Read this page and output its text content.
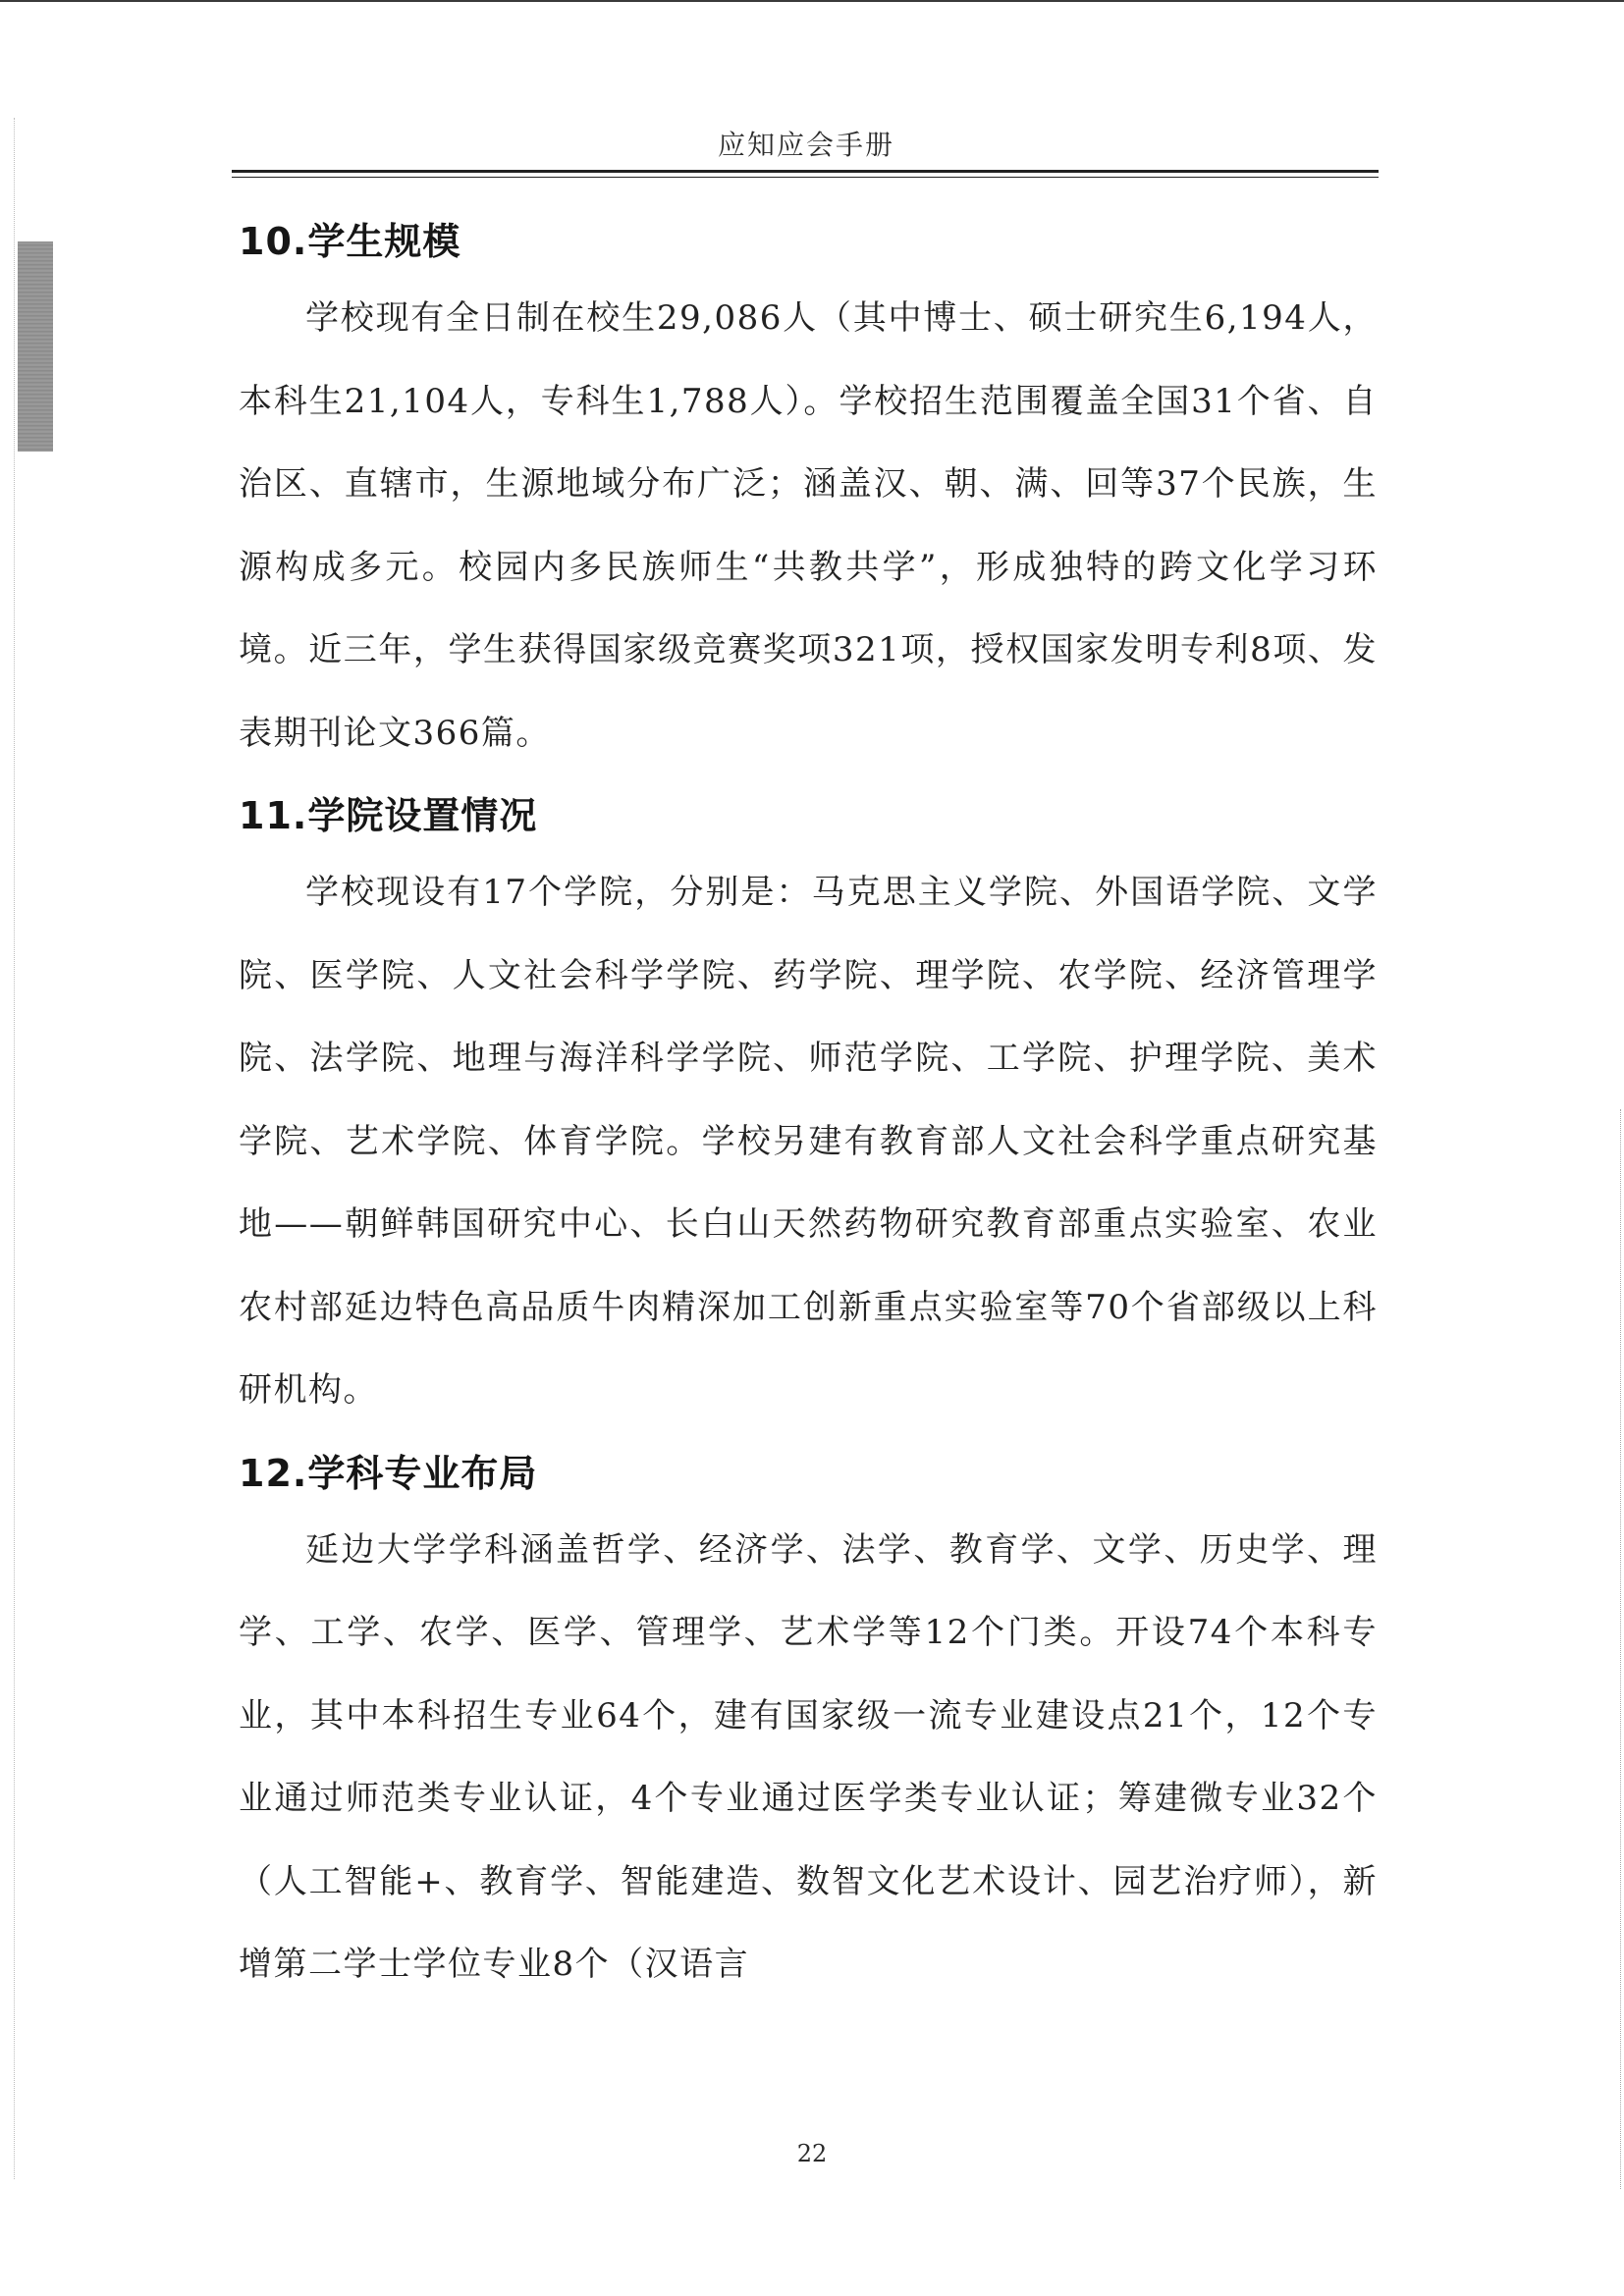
应知应会手册
10.学生规模

学校现有全日制在校生29,086人（其中博士、硕士研究生6,194人，本科生21,104人，专科生1,788人）。学校招生范围覆盖全国31个省、自治区、直辖市，生源地域分布广泛；涵盖汉、朝、满、回等37个民族，生源构成多元。校园内多民族师生“共教共学”，形成独特的跨文化学习环境。近三年，学生获得国家级竞赛奖项321项，授权国家发明专利8项、发表期刊论文366篇。

11.学院设置情况

学校现设有17个学院，分别是：马克思主义学院、外国语学院、文学院、医学院、人文社会科学学院、药学院、理学院、农学院、经济管理学院、法学院、地理与海洋科学学院、师范学院、工学院、护理学院、美术学院、艺术学院、体育学院。学校另建有教育部人文社会科学重点研究基地——朝鲜韩国研究中心、长白山天然药物研究教育部重点实验室、农业农村部延边特色高品质牛肉精深加工创新重点实验室等70个省部级以上科研机构。

12.学科专业布局

延边大学学科涵盖哲学、经济学、法学、教育学、文学、历史学、理学、工学、农学、医学、管理学、艺术学等12个门类。开设74个本科专业，其中本科招生专业64个，建有国家级一流专业建设点21个，12个专业通过师范类专业认证，4个专业通过医学类专业认证；筹建微专业32个（人工智能+、教育学、智能建造、数智文化艺术设计、园艺治疗师），新增第二学士学位专业8个（汉语言

22
